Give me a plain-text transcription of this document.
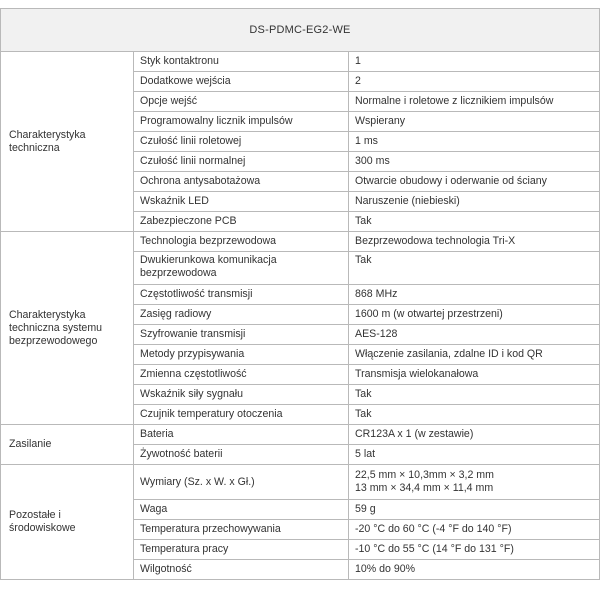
DS-PDMC-EG2-WE		
Charakterystyka techniczna	Styk kontaktronu	1
	Dodatkowe wejścia	2
	Opcje wejść	Normalne i roletowe z licznikiem impulsów
	Programowalny licznik impulsów	Wspierany
	Czułość linii roletowej	1 ms
	Czułość linii normalnej	300 ms
	Ochrona antysabotażowa	Otwarcie obudowy i oderwanie od ściany
	Wskaźnik LED	Naruszenie (niebieski)
	Zabezpieczone PCB	Tak
Charakterystyka techniczna systemu bezprzewodowego	Technologia bezprzewodowa	Bezprzewodowa technologia Tri-X
	Dwukierunkowa komunikacja bezprzewodowa	Tak
	Częstotliwość transmisji	868 MHz
	Zasięg radiowy	1600 m (w otwartej przestrzeni)
	Szyfrowanie transmisji	AES-128
	Metody przypisywania	Włączenie zasilania, zdalne ID i kod QR
	Zmienna częstotliwość	Transmisja wielokanałowa
	Wskaźnik siły sygnału	Tak
	Czujnik temperatury otoczenia	Tak
Zasilanie	Bateria	CR123A x 1 (w zestawie)
	Żywotność baterii	5 lat
Pozostałe i środowiskowe	Wymiary (Sz. x W. x Gł.)	22,5 mm × 10,3mm × 3,2 mm
13 mm × 34,4 mm × 11,4 mm

	Waga	59 g
	Temperatura przechowywania	-20 °C do 60 °C (-4 °F do 140 °F)
	Temperatura pracy	-10 °C do 55 °C (14 °F do 131 °F)
	Wilgotność	10% do 90%
